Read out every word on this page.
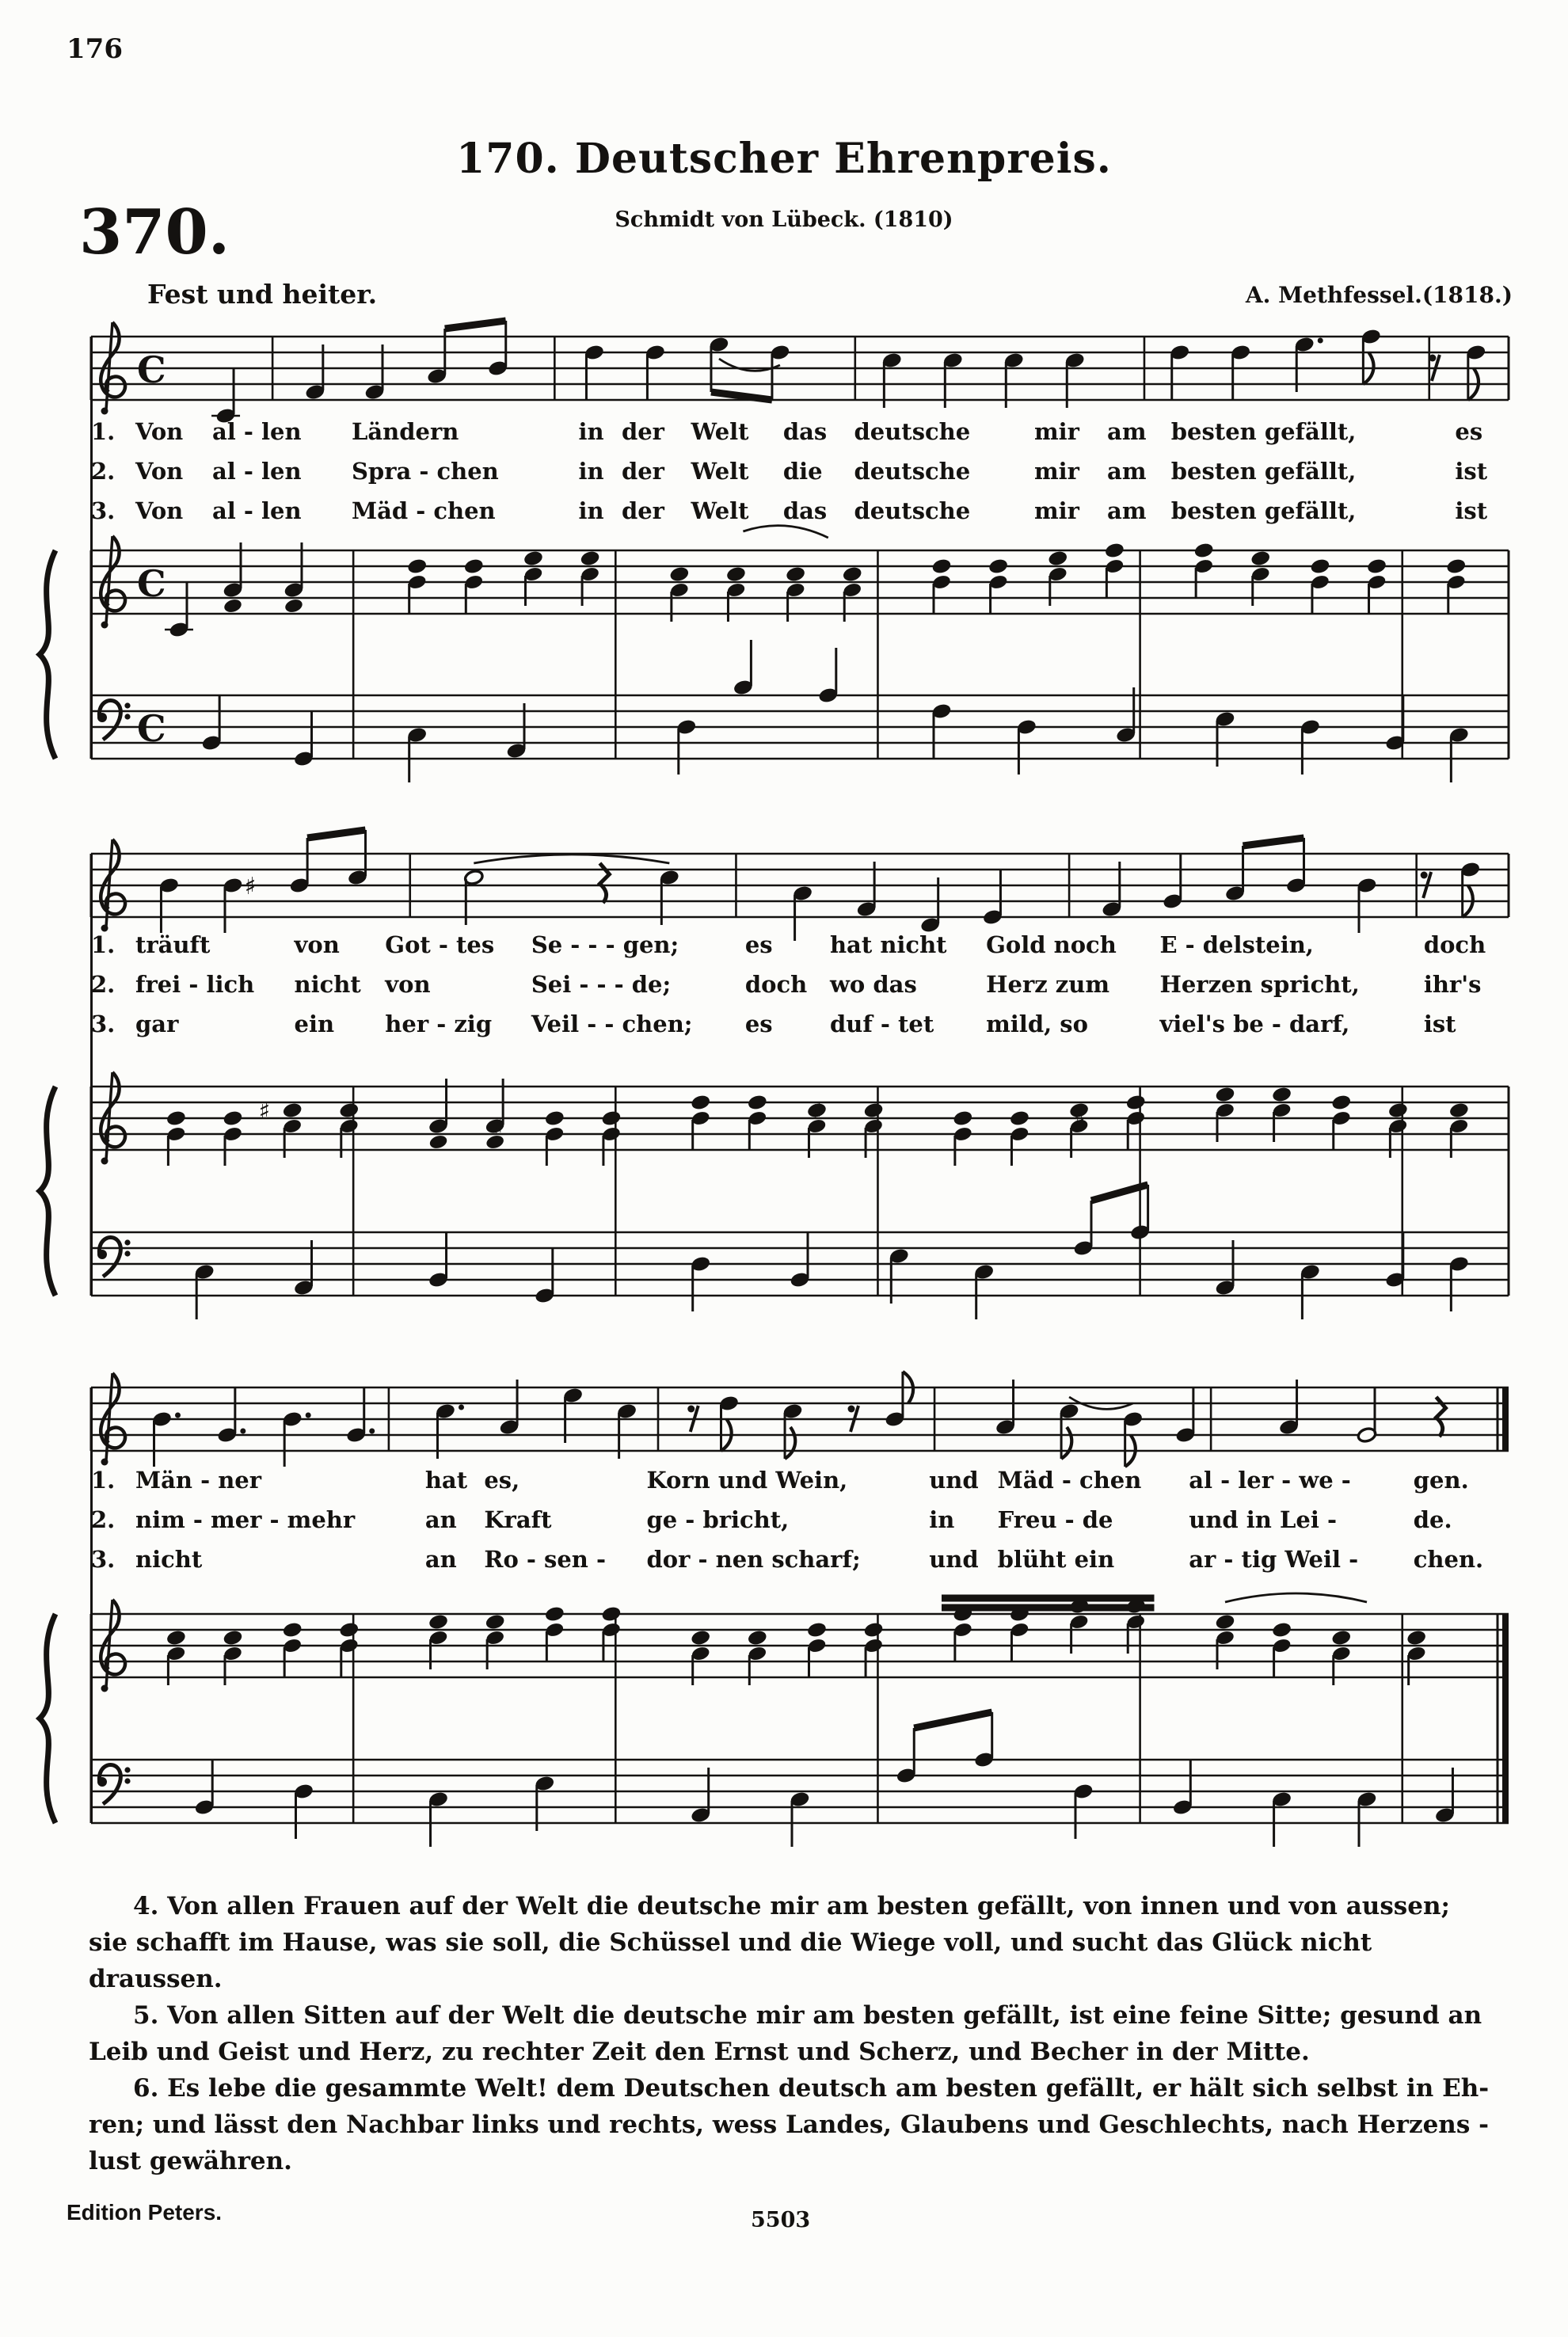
176
170. Deutscher Ehrenpreis.
Schmidt von Lübeck. (1810)
370.
Fest und heiter.	A. Methfessel.(1818.)
C
C
C
♯
♯
♯
♯	♯
1.	Von	al - len	Ländern	in	der	Welt	das	deutsche	mir	am	besten gefällt,	es
2.	Von	al - len	Spra - chen	in	der	Welt	die	deutsche	mir	am	besten gefällt,	ist
3.	Von	al - len	Mäd - chen	in	der	Welt	das	deutsche	mir	am	besten gefällt,	ist
1.	träuft	von	Got - tes	Se - - - gen;	es	hat nicht	Gold noch	E - delstein,	doch
2.	frei - lich	nicht	von	Sei - - - de;	doch	wo das	Herz zum	Herzen spricht,	ihr's
3.	gar	ein	her - zig	Veil - - chen;	es	duf - tet	mild, so	viel's be - darf,	ist
1.	Män - ner	hat	es,	Korn und Wein,	und	Mäd - chen	al - ler - we -	gen.
2.	nim - mer - mehr	an	Kraft	ge - bricht,	in	Freu - de	und in Lei -	de.
3.	nicht	an	Ro - sen -	dor - nen scharf;	und	blüht ein	ar - tig Weil -	chen.
4. Von allen Frauen auf der Welt die deutsche mir am besten gefällt, von innen und von aussen;
sie schafft im Hause, was sie soll, die Schüssel und die Wiege voll, und sucht das Glück nicht draussen.
5. Von allen Sitten auf der Welt die deutsche mir am besten gefällt, ist eine feine Sitte; gesund an
Leib und Geist und Herz, zu rechter Zeit den Ernst und Scherz, und Becher in der Mitte.
6. Es lebe die gesammte Welt! dem Deutschen deutsch am besten gefällt, er hält sich selbst in Eh-
ren; und lässt den Nachbar links und rechts, wess Landes, Glaubens und Geschlechts, nach Herzens -
lust gewähren.
Edition Peters.	5503
